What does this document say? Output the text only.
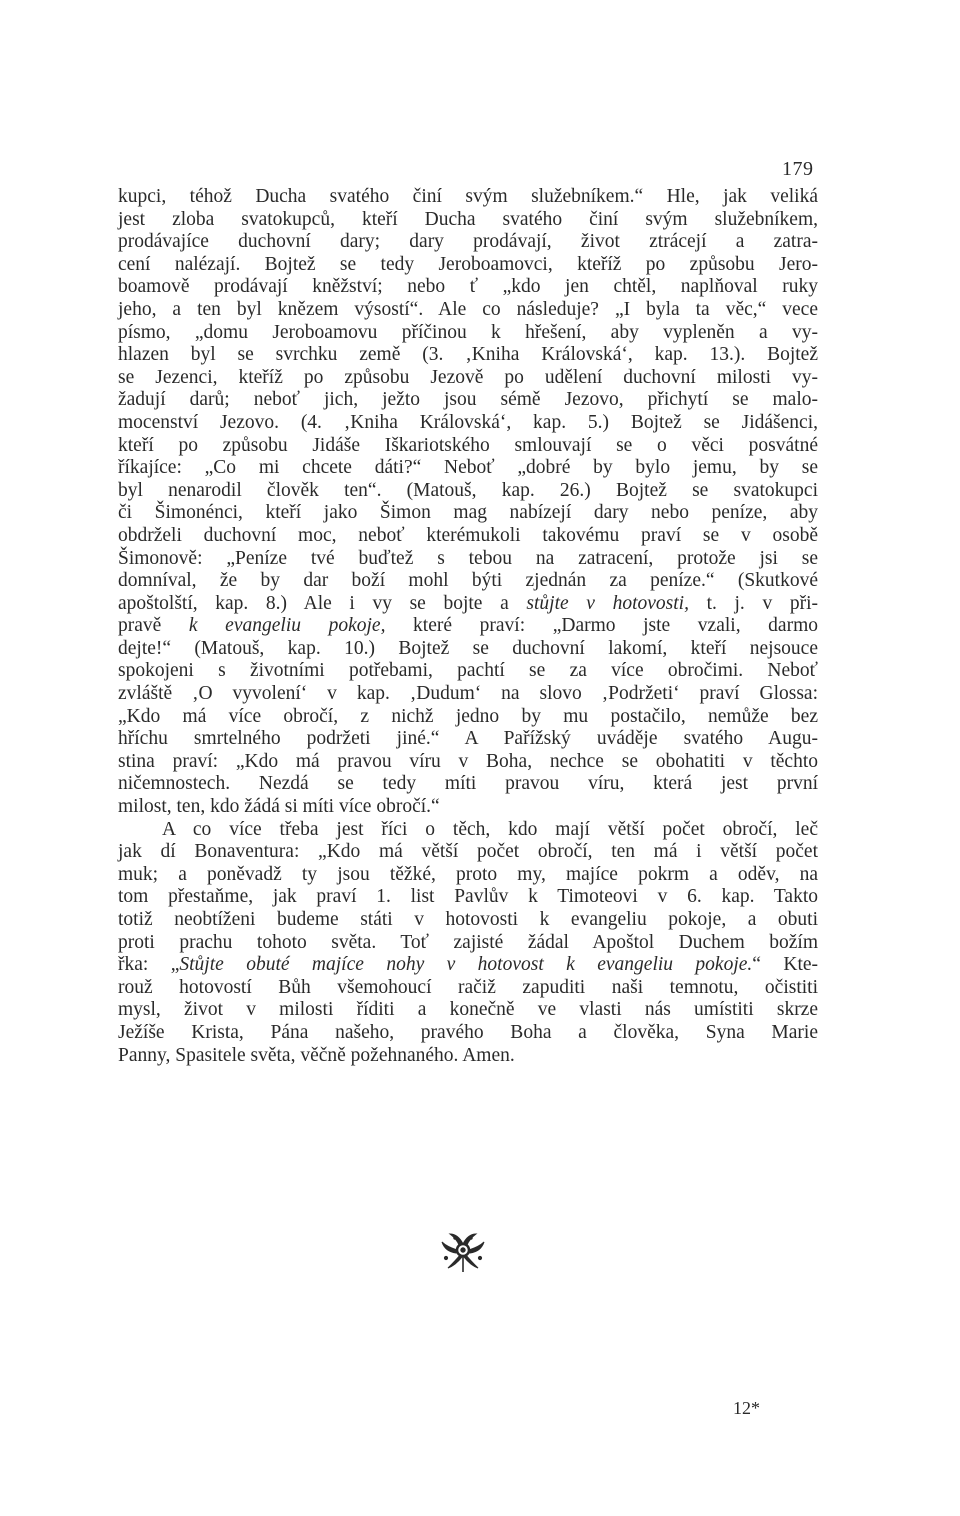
179
kupci, téhož Ducha svatého činí svým služebníkem.“ Hle, jak veliká
jest zloba svatokupců, kteří Ducha svatého činí svým služebníkem,
prodávajíce duchovní dary; dary prodávají, život ztrácejí a zatra-
cení nalézají. Bojtež se tedy Jeroboamovci, kteříž po způsobu Jero-
boamově prodávají kněžství; nebo ť „kdo jen chtěl, naplňoval ruky
jeho, a ten byl knězem výsostí“. Ale co následuje? „I byla ta věc,“ vece
písmo, „domu Jeroboamovu příčinou k hřešení, aby vypleněn a vy-
hlazen byl se svrchku země (3. ‚Kniha Královská‘, kap. 13.). Bojtež
se Jezenci, kteříž po způsobu Jezově po udělení duchovní milosti vy-
žadují darů; neboť jich, ježto jsou sémě Jezovo, přichytí se malo-
mocenství Jezovo. (4. ‚Kniha Královská‘, kap. 5.) Bojtež se Jidášenci,
kteří po způsobu Jidáše Iškariotského smlouvají se o věci posvátné
říkajíce: „Co mi chcete dáti?“ Neboť „dobré by bylo jemu, by se
byl nenarodil člověk ten“. (Matouš, kap. 26.) Bojtež se svatokupci
či Šimonénci, kteří jako Šimon mag nabízejí dary nebo peníze, aby
obdrželi duchovní moc, neboť kterémukoli takovému praví se v osobě
Šimonově: „Peníze tvé buďtež s tebou na zatracení, protože jsi se
domníval, že by dar boží mohl býti zjednán za peníze.“ (Skutkové
apoštolští, kap. 8.) Ale i vy se bojte a stůjte v hotovosti, t. j. v při-
pravě k evangeliu pokoje, které praví: „Darmo jste vzali, darmo
dejte!“ (Matouš, kap. 10.) Bojtež se duchovní lakomí, kteří nejsouce
spokojeni s životními potřebami, pachtí se za více obročimi. Neboť
zvláště ‚O vyvolení‘ v kap. ‚Dudum‘ na slovo ‚Podržeti‘ praví Glossa:
„Kdo má více obročí, z nichž jedno by mu postačilo, nemůže bez
hříchu smrtelného podržeti jiné.“ A Pařížský uváděje svatého Augu-
stina praví: „Kdo má pravou víru v Boha, nechce se obohatiti v těchto
ničemnostech. Nezdá se tedy míti pravou víru, která jest první
milost, ten, kdo žádá si míti více obročí.“
A co více třeba jest říci o těch, kdo mají větší počet obročí, leč
jak dí Bonaventura: „Kdo má větší počet obročí, ten má i větší počet
muk; a poněvadž ty jsou těžké, proto my, majíce pokrm a oděv, na
tom přestaňme, jak praví 1. list Pavlův k Timoteovi v 6. kap. Takto
totiž neobtíženi budeme státi v hotovosti k evangeliu pokoje, a obuti
proti prachu tohoto světa. Toť zajisté žádal Apoštol Duchem božím
řka: „Stůjte obuté majíce nohy v hotovost k evangeliu pokoje.“ Kte-
rouž hotovostí Bůh všemohoucí račiž zapuditi naši temnotu, očistiti
mysl, život v milosti říditi a konečně ve vlasti nás umístiti skrze
Ježíše Krista, Pána našeho, pravého Boha a člověka, Syna Marie
Panny, Spasitele světa, věčně požehnaného. Amen.
12*
